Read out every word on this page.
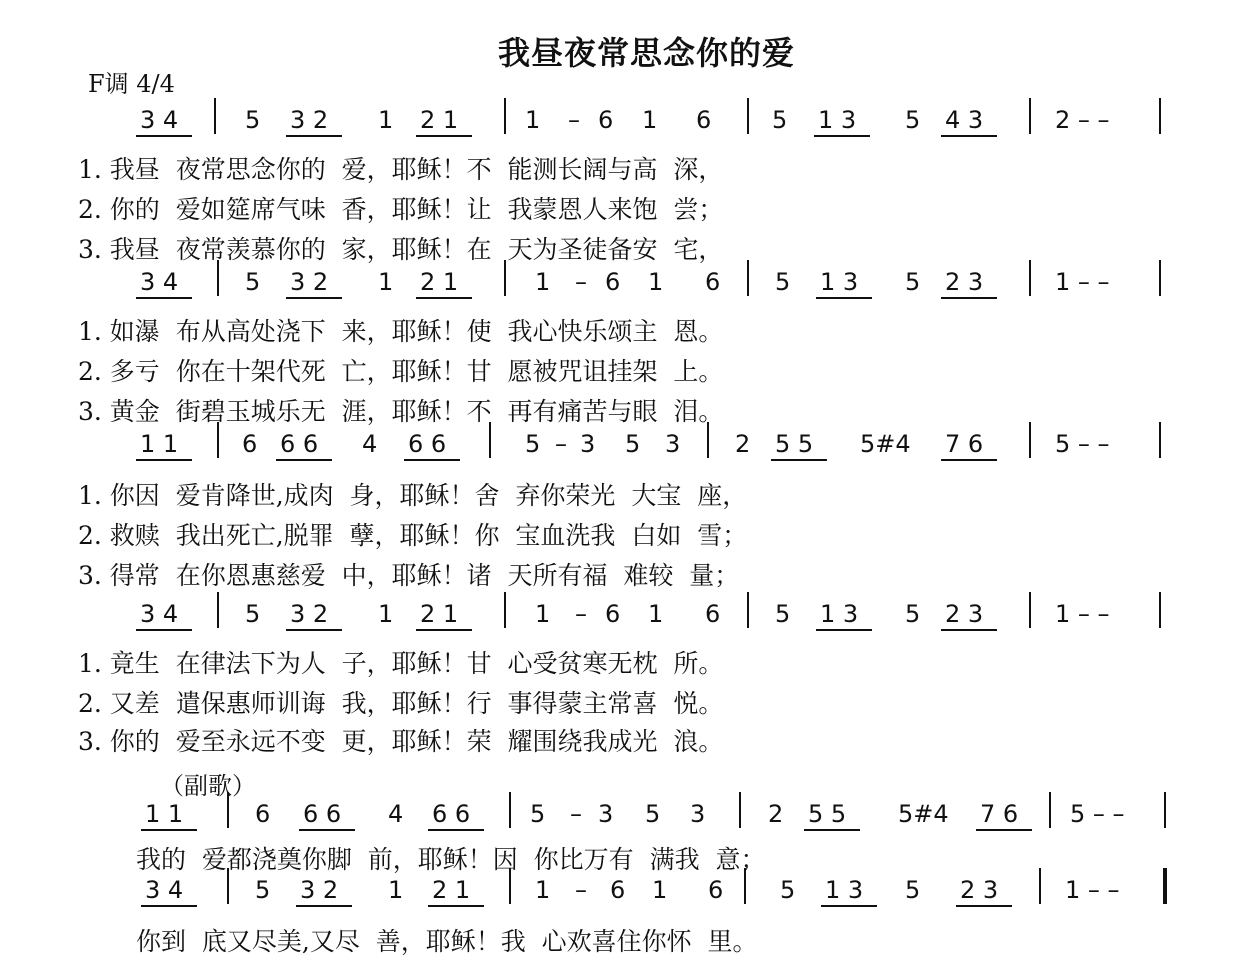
我昼夜常思念你的爱
F调 4/4
（副歌）
3 4	5 3 2 1 2 1	1 – 6 1 6	5 1 3 5 4 3	2 – –
3 4	5 3 2 1 2 1	1 – 6 1 6 5 1 3 5 2 3	1 – –
1 1	6 6 6 4 6 6	5 – 3 5 3 2 5 5 5#4 7 6	5 – –
3 4	5 3 2 1 2 1	1 – 6 1 6 5 1 3 5 2 3	1 – –
1 1	6 6 6 4 6 6 5 – 3 5 3	2 5 5 5#4 7 6 5 – –
3 4	5 3 2 1 2 1	1 – 6 1 6 5 1 3 5 2 3	1 – –
1. 我昼  夜常思念你的  爱，耶稣！不  能测长阔与高  深，
2. 你的  爱如筵席气味  香，耶稣！让  我蒙恩人来饱  尝；
3. 我昼  夜常羡慕你的  家，耶稣！在  天为圣徒备安  宅，
1. 如瀑  布从高处浇下  来，耶稣！使  我心快乐颂主  恩。
2. 多亏  你在十架代死  亡，耶稣！甘  愿被咒诅挂架  上。
3. 黄金  街碧玉城乐无  涯，耶稣！不  再有痛苦与眼  泪。
1. 你因  爱肯降世,成肉  身，耶稣！舍  弃你荣光  大宝  座，
2. 救赎  我出死亡,脱罪  孽，耶稣！你  宝血洗我  白如  雪；
3. 得常  在你恩惠慈爱  中，耶稣！诸  天所有福  难较  量；
1. 竟生  在律法下为人  子，耶稣！甘  心受贫寒无枕  所。
2. 又差  遣保惠师训诲  我，耶稣！行  事得蒙主常喜  悦。
3. 你的  爱至永远不变  更，耶稣！荣  耀围绕我成光  浪。
我的  爱都浇奠你脚  前，耶稣！因  你比万有  满我  意；
你到  底又尽美,又尽  善，耶稣！我  心欢喜住你怀  里。
